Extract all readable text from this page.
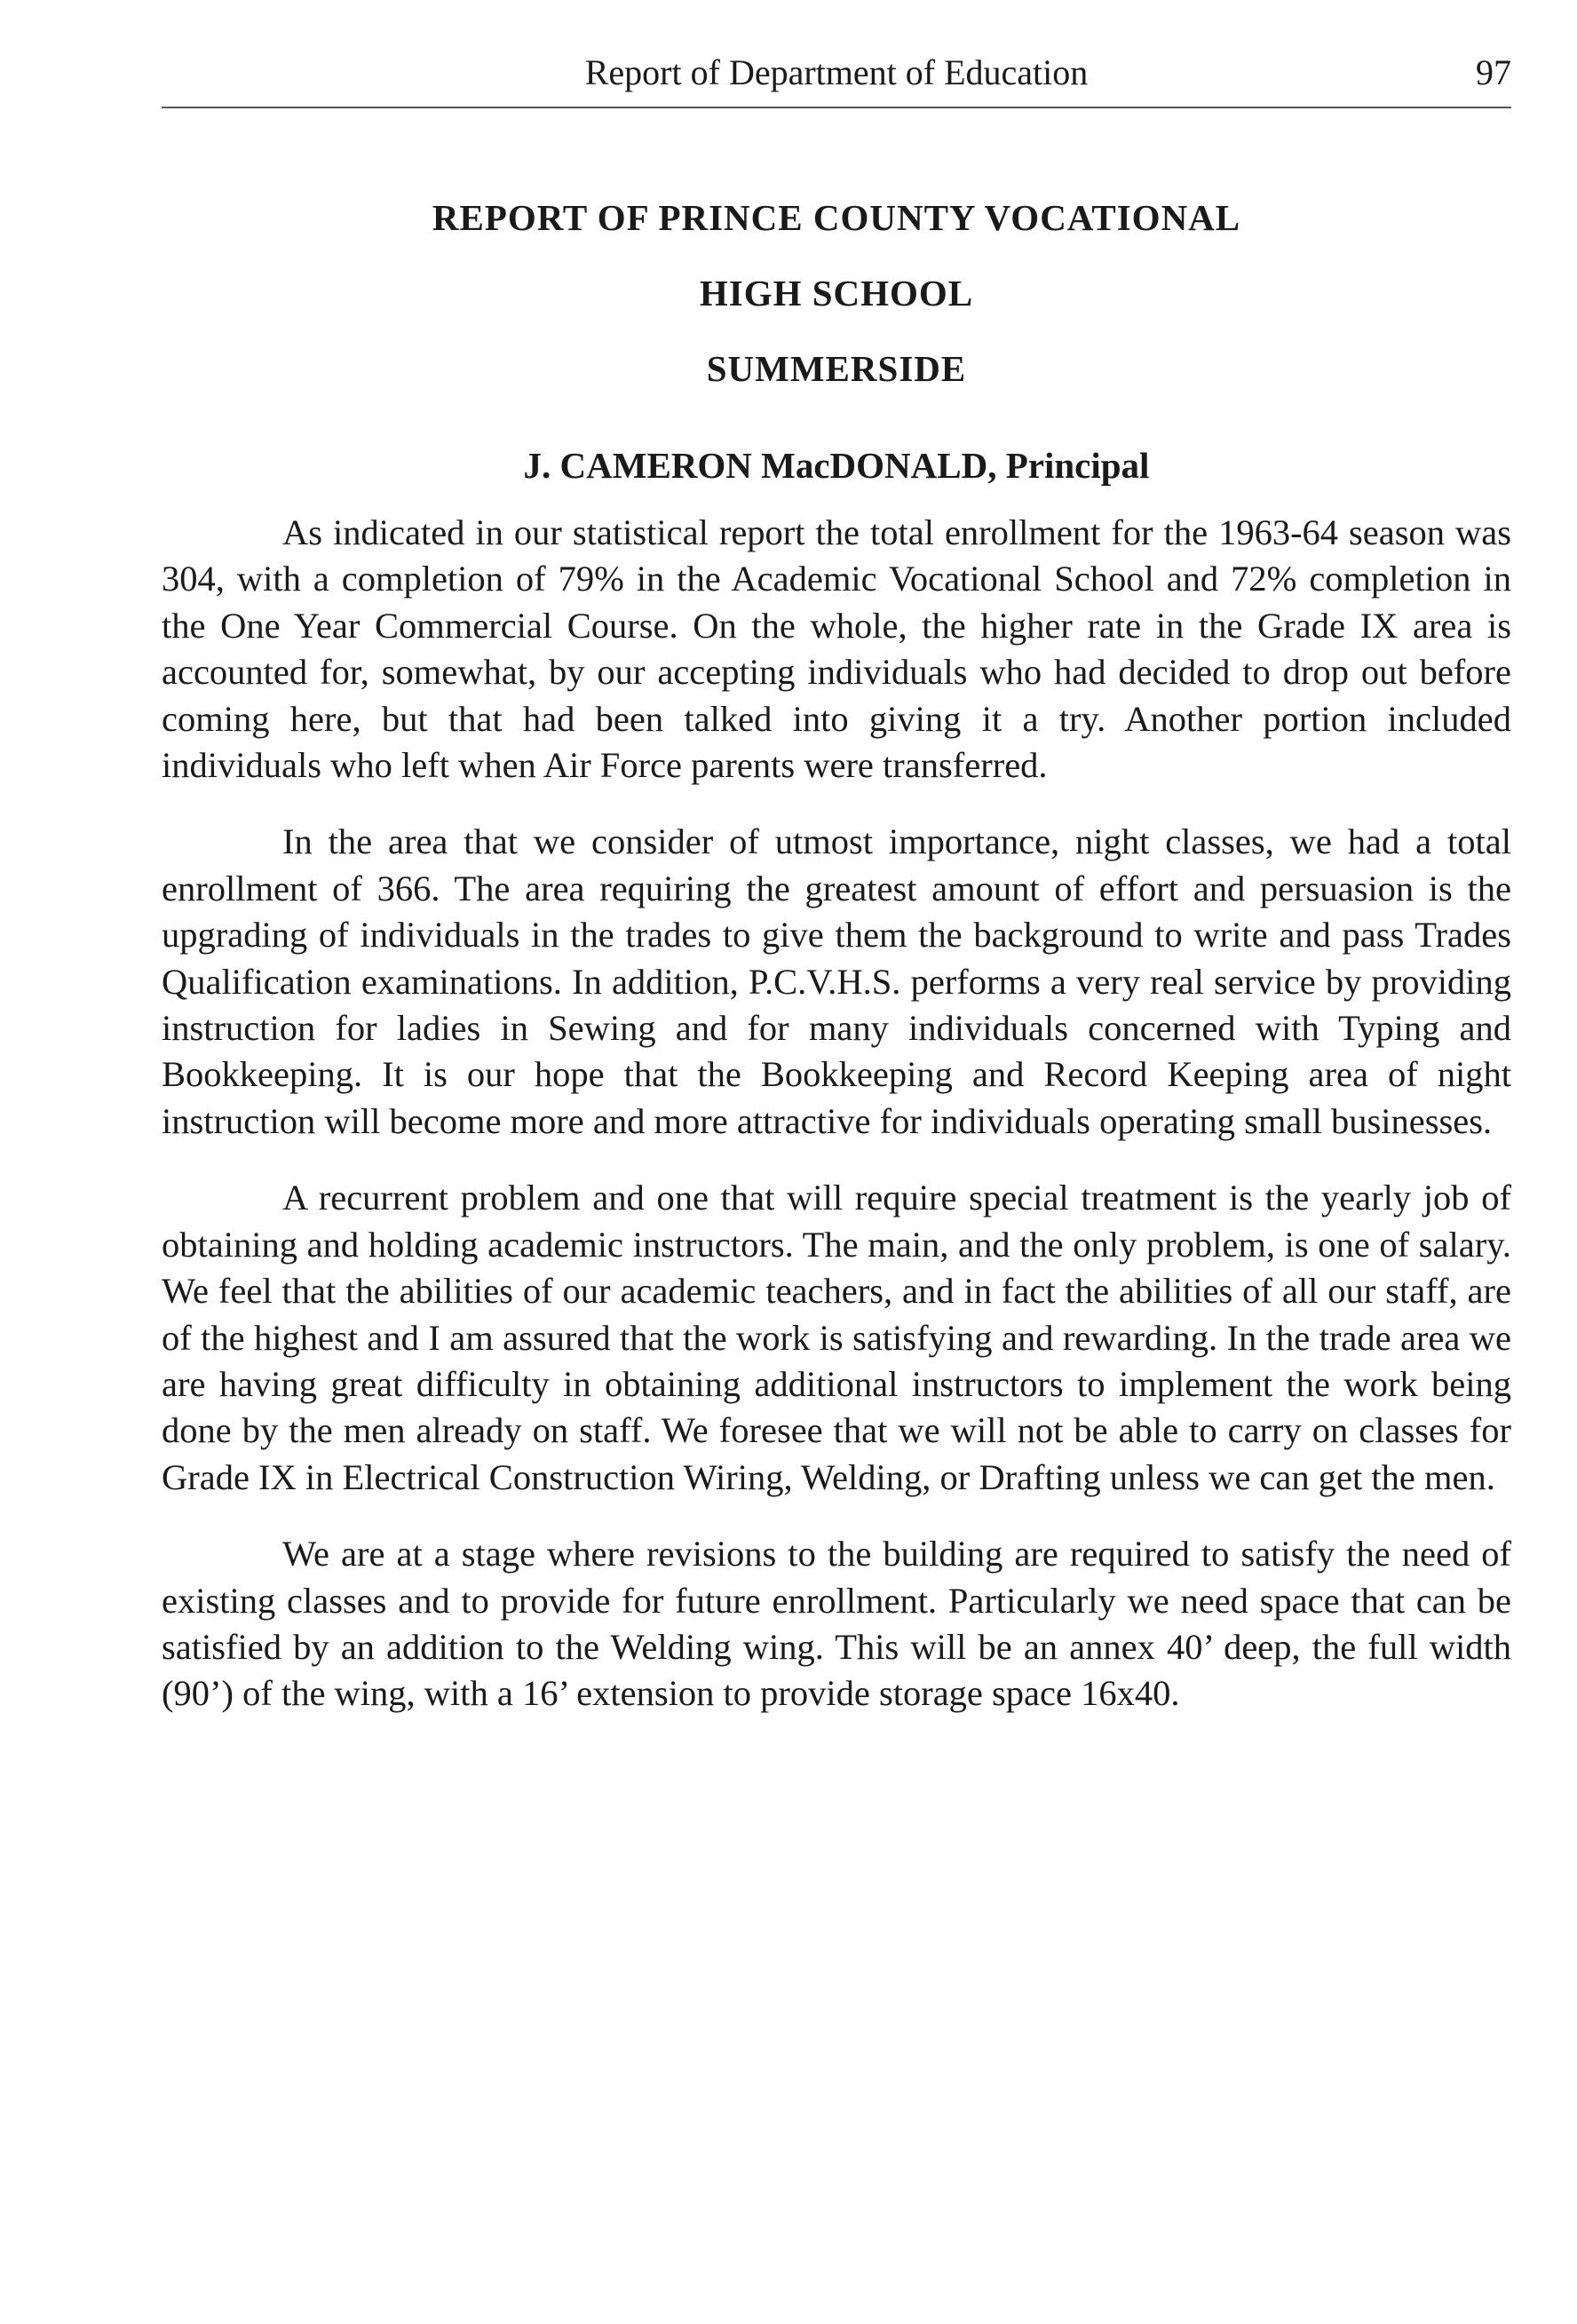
Report of Department of Education	97
REPORT OF PRINCE COUNTY VOCATIONAL
HIGH SCHOOL
SUMMERSIDE
J. CAMERON MacDONALD, Principal

As indicated in our statistical report the total enrollment for the 1963-64 season was 304, with a completion of 79% in the Academic Vocational School and 72% completion in the One Year Commercial Course. On the whole, the higher rate in the Grade IX area is accounted for, somewhat, by our accepting individuals who had decided to drop out before coming here, but that had been talked into giving it a try. Another portion included individuals who left when Air Force parents were transferred.

In the area that we consider of utmost importance, night classes, we had a total enrollment of 366. The area requiring the greatest amount of effort and persuasion is the upgrading of individuals in the trades to give them the background to write and pass Trades Qualification examinations. In addition, P.C.V.H.S. performs a very real service by providing instruction for ladies in Sewing and for many individuals concerned with Typing and Bookkeeping. It is our hope that the Bookkeeping and Record Keeping area of night instruction will become more and more attractive for individuals operating small businesses.

A recurrent problem and one that will require special treatment is the yearly job of obtaining and holding academic instructors. The main, and the only problem, is one of salary. We feel that the abilities of our academic teachers, and in fact the abilities of all our staff, are of the highest and I am assured that the work is satisfying and rewarding. In the trade area we are having great difficulty in obtaining additional instructors to implement the work being done by the men already on staff. We foresee that we will not be able to carry on classes for Grade IX in Electrical Construction Wiring, Welding, or Drafting unless we can get the men.

We are at a stage where revisions to the building are required to satisfy the need of existing classes and to provide for future enrollment. Particularly we need space that can be satisfied by an addition to the Welding wing. This will be an annex 40’ deep, the full width (90’) of the wing, with a 16’ extension to provide storage space 16x40.
